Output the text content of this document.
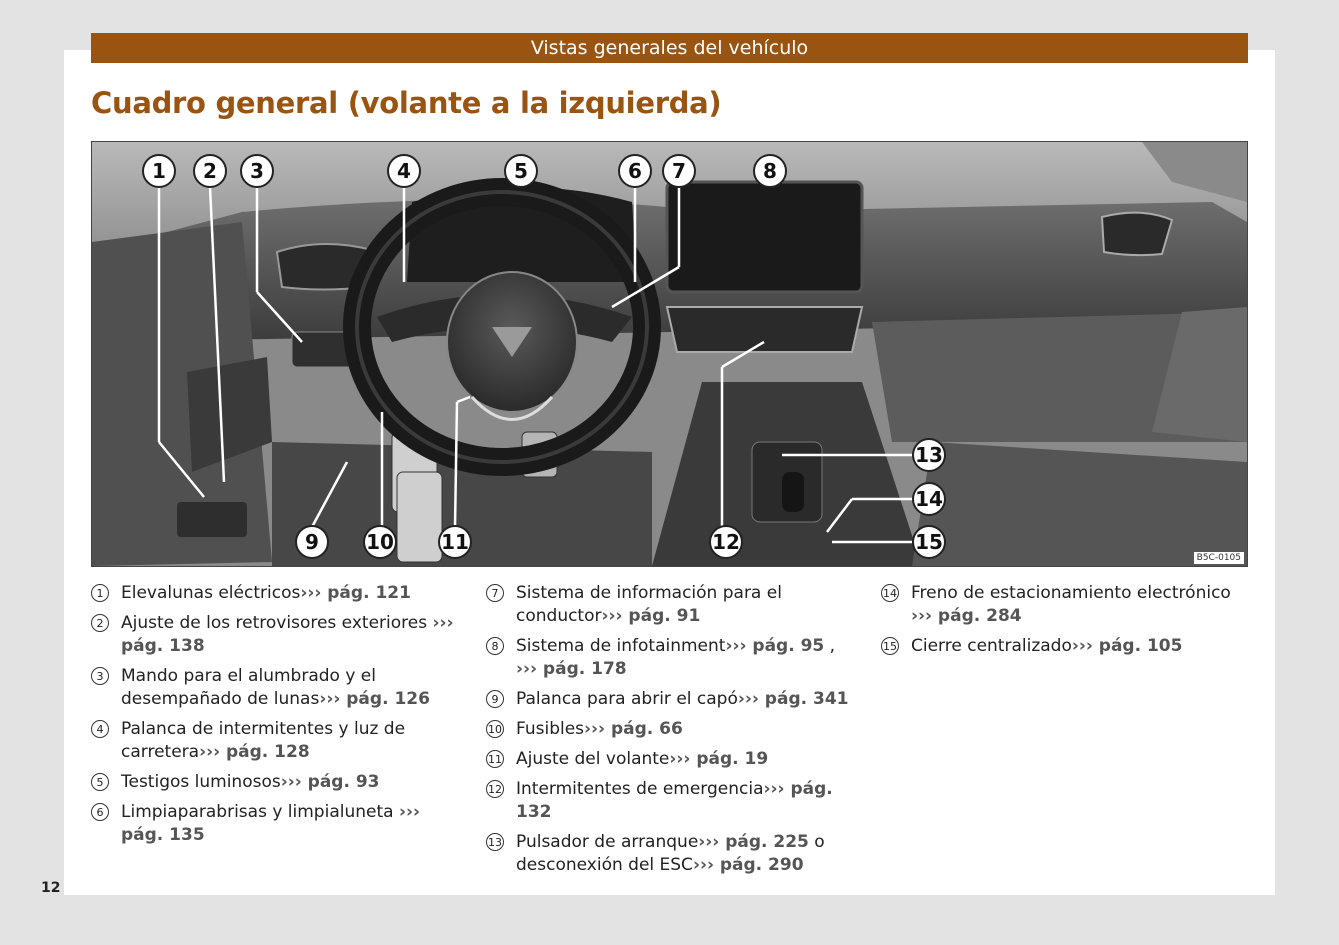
Vistas generales del vehículo
Cuadro general (volante a la izquierda)
1	2	3	4	5	6	7	8
9	10 11	12
13
14
15
B5C-0105
1	Elevalunas eléctricos››› pág. 121
2	Ajuste de los retrovisores exteriores ››› pág. 138
3	Mando para el alumbrado y el desempañado de lunas››› pág. 126
4	Palanca de intermitentes y luz de carretera››› pág. 128
5	Testigos luminosos››› pág. 93
6	Limpiaparabrisas y limpialuneta ››› pág. 135
7	Sistema de información para el conductor››› pág. 91
8	Sistema de infotainment››› pág. 95 , ››› pág. 178
9	Palanca para abrir el capó››› pág. 341
10 Fusibles››› pág. 66
11 Ajuste del volante››› pág. 19
12 Intermitentes de emergencia››› pág. 132
13 Pulsador de arranque››› pág. 225 o desconexión del ESC››› pág. 290
14 Freno de estacionamiento electrónico ››› pág. 284
15 Cierre centralizado››› pág. 105
12
